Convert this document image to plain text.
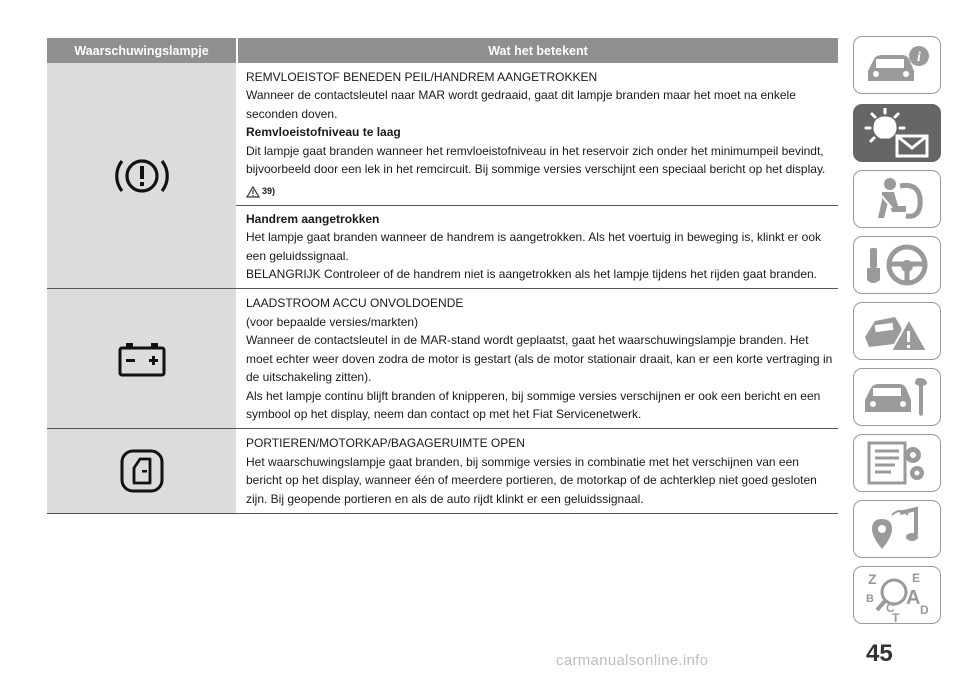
Waarschuwingslampje	Wat het betekent
REMVLOEISTOF BENEDEN PEIL/HANDREM AANGETROKKEN
Wanneer de contactsleutel naar MAR wordt gedraaid, gaat dit lampje branden maar het moet na enkele seconden doven.
Remvloeistofniveau te laag
Dit lampje gaat branden wanneer het remvloeistofniveau in het reservoir zich onder het minimumpeil bevindt, bijvoorbeeld door een lek in het remcircuit. Bij sommige versies verschijnt een speciaal bericht op het display.
39)
Handrem aangetrokken
Het lampje gaat branden wanneer de handrem is aangetrokken. Als het voertuig in beweging is, klinkt er ook een geluidssignaal.
BELANGRIJK Controleer of de handrem niet is aangetrokken als het lampje tijdens het rijden gaat branden.
LAADSTROOM ACCU ONVOLDOENDE
(voor bepaalde versies/markten)
Wanneer de contactsleutel in de MAR-stand wordt geplaatst, gaat het waarschuwingslampje branden. Het moet echter weer doven zodra de motor is gestart (als de motor stationair draait, kan er een korte vertraging in de uitschakeling zitten).
Als het lampje continu blijft branden of knipperen, bij sommige versies verschijnen er ook een bericht en een symbool op het display, neem dan contact op met het Fiat Servicenetwerk.
PORTIEREN/MOTORKAP/BAGAGERUIMTE OPEN
Het waarschuwingslampje gaat branden, bij sommige versies in combinatie met het verschijnen van een bericht op het display, wanneer één of meerdere portieren, de motorkap of de achterklep niet goed gesloten zijn. Bij geopende portieren en als de auto rijdt klinkt er een geluidssignaal.
i
Z	E
B A
C D
T
45
carmanualsonline.info
